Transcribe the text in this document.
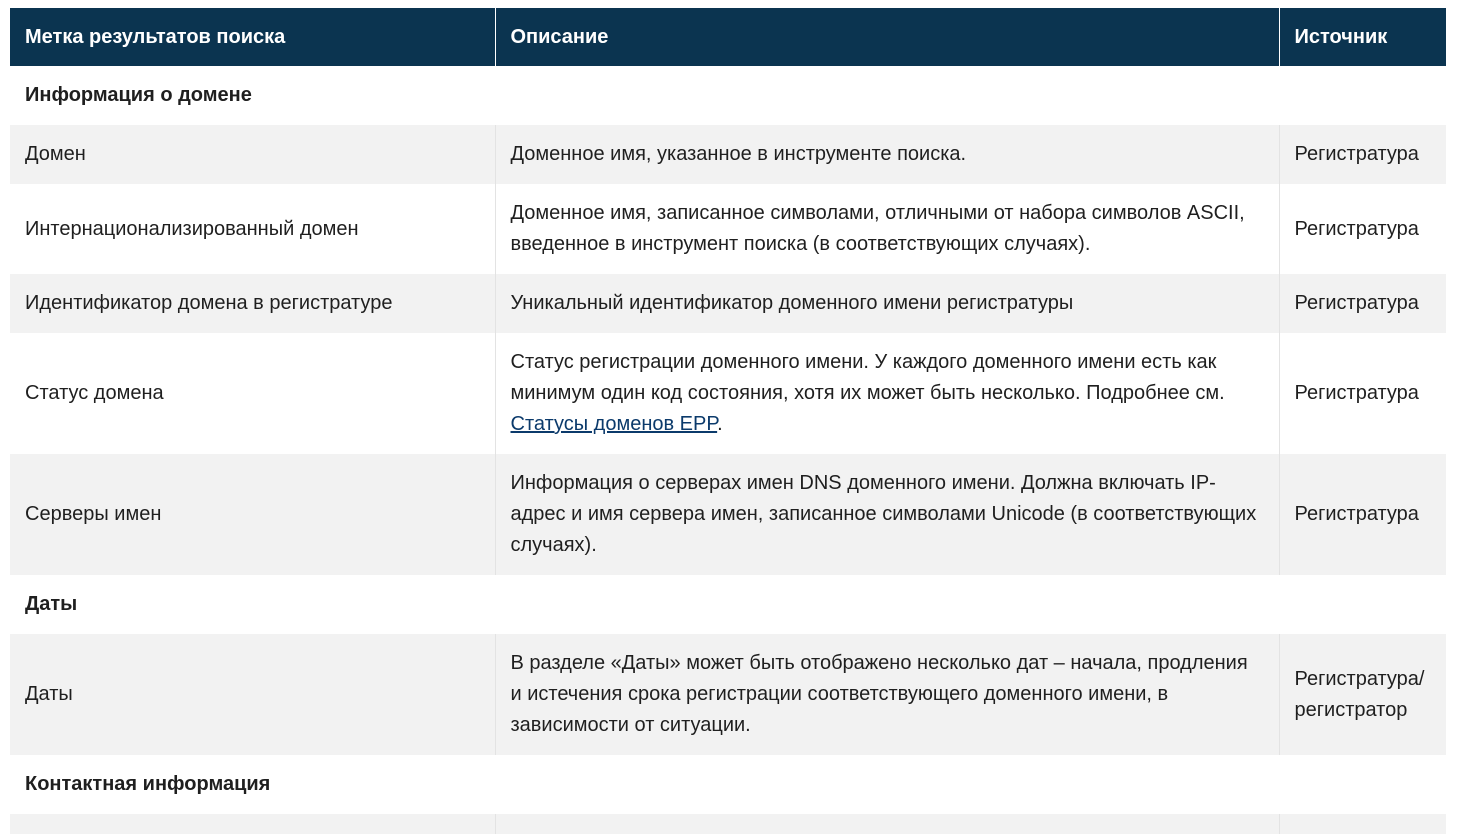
Метка результатов поиска	Описание	Источник
Информация о домене		
Домен	Доменное имя, указанное в инструменте поиска.	Регистратура
Интернационализированный домен	Доменное имя, записанное символами, отличными от набора символов ASCII, введенное в инструмент поиска (в соответствующих случаях).	Регистратура
Идентификатор домена в регистратуре	Уникальный идентификатор доменного имени регистратуры	Регистратура
Статус домена	Статус регистрации доменного имени. У каждого доменного имени есть как минимум один код состояния, хотя их может быть несколько. Подробнее см. Статусы доменов EPP.	Регистратура
Серверы имен	Информация о серверах имен DNS доменного имени. Должна включать IP-адрес и имя сервера имен, записанное символами Unicode (в соответствующих случаях).	Регистратура
Даты		
Даты	В разделе «Даты» может быть отображено несколько дат – начала, продления и истечения срока регистрации соответствующего доменного имени, в зависимости от ситуации.	Регистратура/ регистратор
Контактная информация		
